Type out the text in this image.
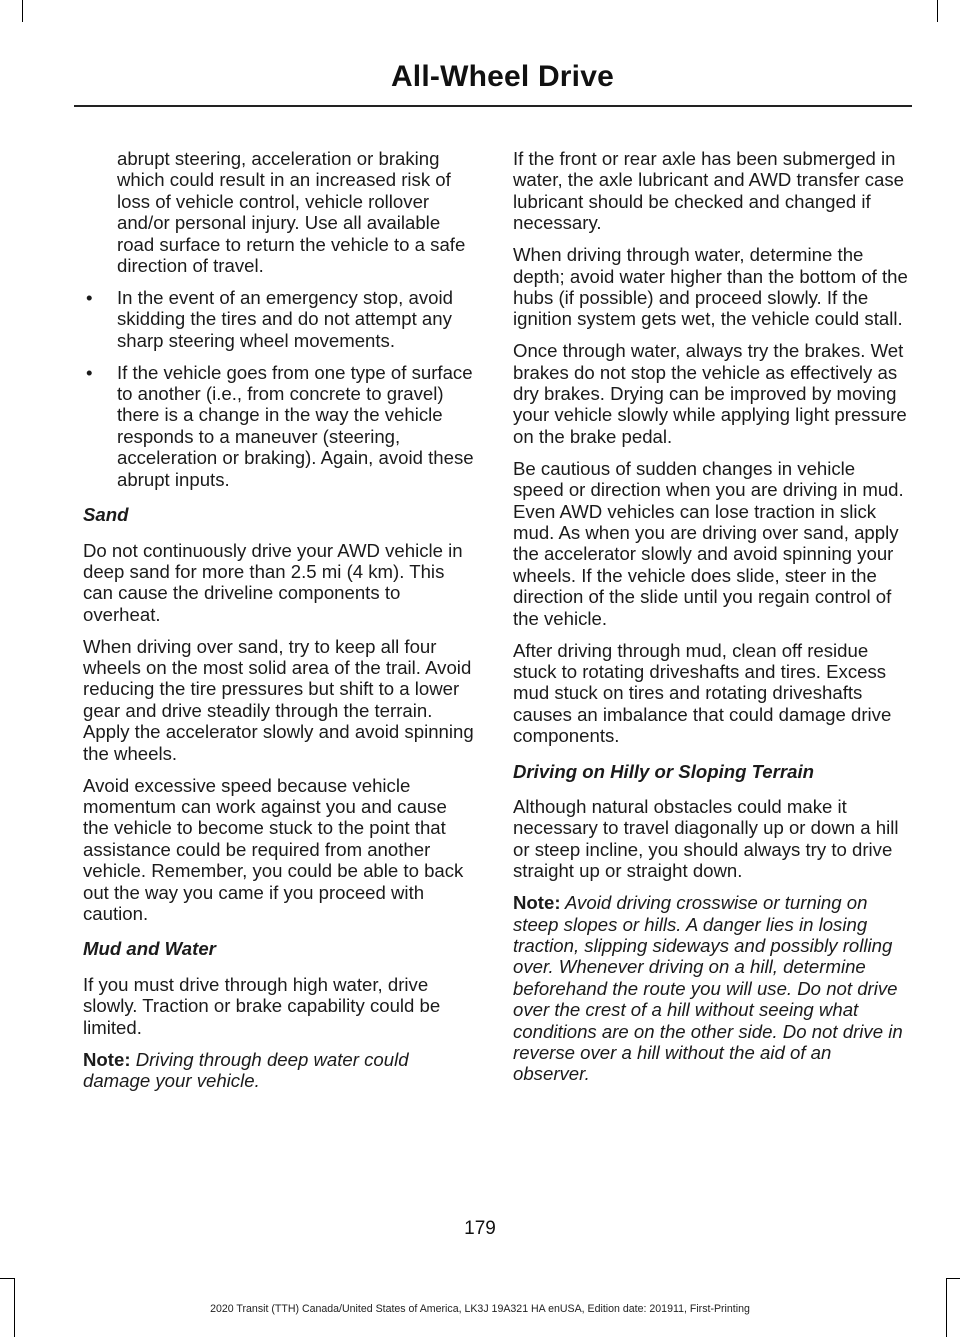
All-Wheel Drive

abrupt steering, acceleration or braking which could result in an increased risk of loss of vehicle control, vehicle rollover and/or personal injury. Use all available road surface to return the vehicle to a safe direction of travel.

• In the event of an emergency stop, avoid skidding the tires and do not attempt any sharp steering wheel movements.
• If the vehicle goes from one type of surface to another (i.e., from concrete to gravel) there is a change in the way the vehicle responds to a maneuver (steering, acceleration or braking). Again, avoid these abrupt inputs.
Sand

Do not continuously drive your AWD vehicle in deep sand for more than 2.5 mi (4 km). This can cause the driveline components to overheat.

When driving over sand, try to keep all four wheels on the most solid area of the trail. Avoid reducing the tire pressures but shift to a lower gear and drive steadily through the terrain. Apply the accelerator slowly and avoid spinning the wheels.

Avoid excessive speed because vehicle momentum can work against you and cause the vehicle to become stuck to the point that assistance could be required from another vehicle. Remember, you could be able to back out the way you came if you proceed with caution.

Mud and Water

If you must drive through high water, drive slowly. Traction or brake capability could be limited.

Note: Driving through deep water could damage your vehicle.

If the front or rear axle has been submerged in water, the axle lubricant and AWD transfer case lubricant should be checked and changed if necessary.

When driving through water, determine the depth; avoid water higher than the bottom of the hubs (if possible) and proceed slowly. If the ignition system gets wet, the vehicle could stall.

Once through water, always try the brakes. Wet brakes do not stop the vehicle as effectively as dry brakes. Drying can be improved by moving your vehicle slowly while applying light pressure on the brake pedal.

Be cautious of sudden changes in vehicle speed or direction when you are driving in mud. Even AWD vehicles can lose traction in slick mud. As when you are driving over sand, apply the accelerator slowly and avoid spinning your wheels. If the vehicle does slide, steer in the direction of the slide until you regain control of the vehicle.

After driving through mud, clean off residue stuck to rotating driveshafts and tires. Excess mud stuck on tires and rotating driveshafts causes an imbalance that could damage drive components.

Driving on Hilly or Sloping Terrain

Although natural obstacles could make it necessary to travel diagonally up or down a hill or steep incline, you should always try to drive straight up or straight down.

Note: Avoid driving crosswise or turning on steep slopes or hills. A danger lies in losing traction, slipping sideways and possibly rolling over. Whenever driving on a hill, determine beforehand the route you will use. Do not drive over the crest of a hill without seeing what conditions are on the other side. Do not drive in reverse over a hill without the aid of an observer.

179
2020 Transit (TTH) Canada/United States of America, LK3J 19A321 HA enUSA, Edition date: 201911, First-Printing
